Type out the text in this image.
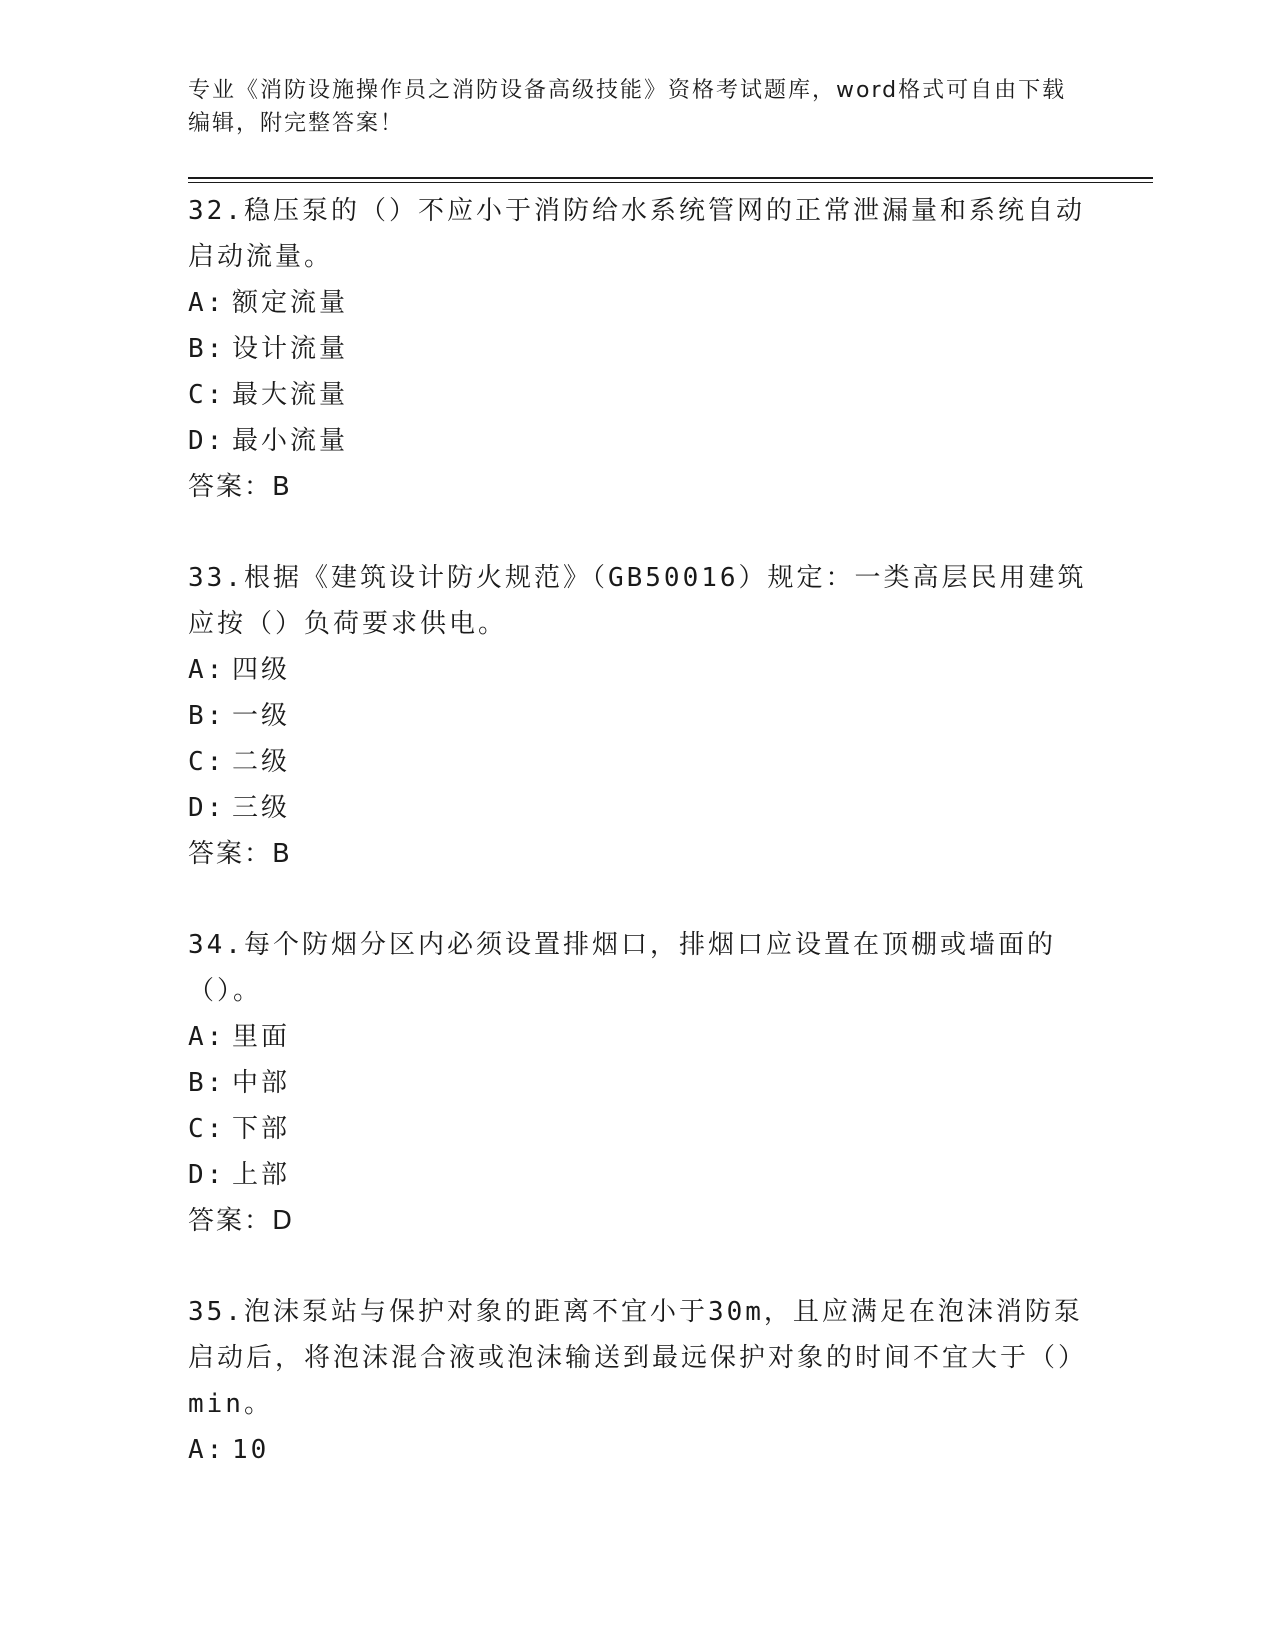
专业《消防设施操作员之消防设备高级技能》资格考试题库，word格式可自由下载编辑，附完整答案！

32.稳压泵的（）不应小于消防给水系统管网的正常泄漏量和系统自动启动流量。

A: 额定流量

B: 设计流量

C: 最大流量

D: 最小流量

答案：B

33.根据《建筑设计防火规范》（GB50016）规定：一类高层民用建筑应按（）负荷要求供电。

A: 四级

B: 一级

C: 二级

D: 三级

答案：B

34.每个防烟分区内必须设置排烟口，排烟口应设置在顶棚或墙面的（）。

A: 里面

B: 中部

C: 下部

D: 上部

答案：D

35.泡沫泵站与保护对象的距离不宜小于30m，且应满足在泡沫消防泵启动后，将泡沫混合液或泡沫输送到最远保护对象的时间不宜大于（）min。

A: 10
